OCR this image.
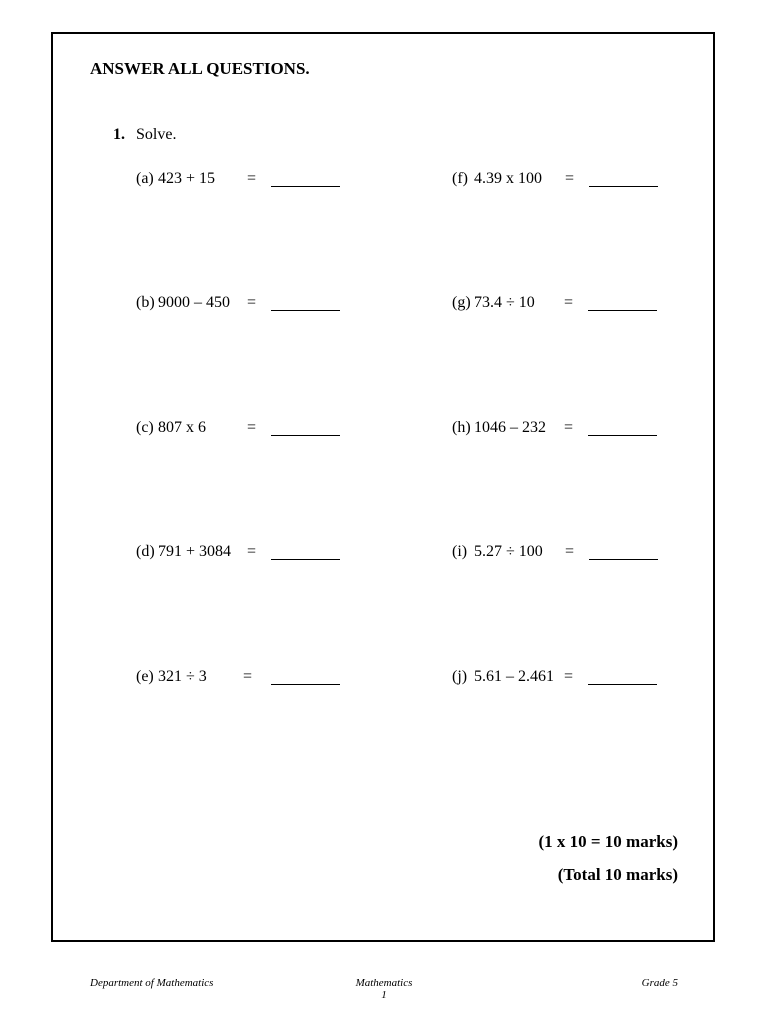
ANSWER ALL QUESTIONS.
1. Solve.
(a) 423 + 15 =
(b) 9000 – 450 =
(c) 807 x 6	=
(d) 791 + 3084 =
(e) 321 ÷ 3 =
(f) 4.39 x 100 =
(g) 73.4 ÷ 10 =
(h) 1046 – 232 =
(i) 5.27 ÷ 100 =
(j) 5.61 – 2.461 =
(1 x 10 = 10 marks)
(Total 10 marks)
Department of Mathematics	Mathematics
1
Grade 5
